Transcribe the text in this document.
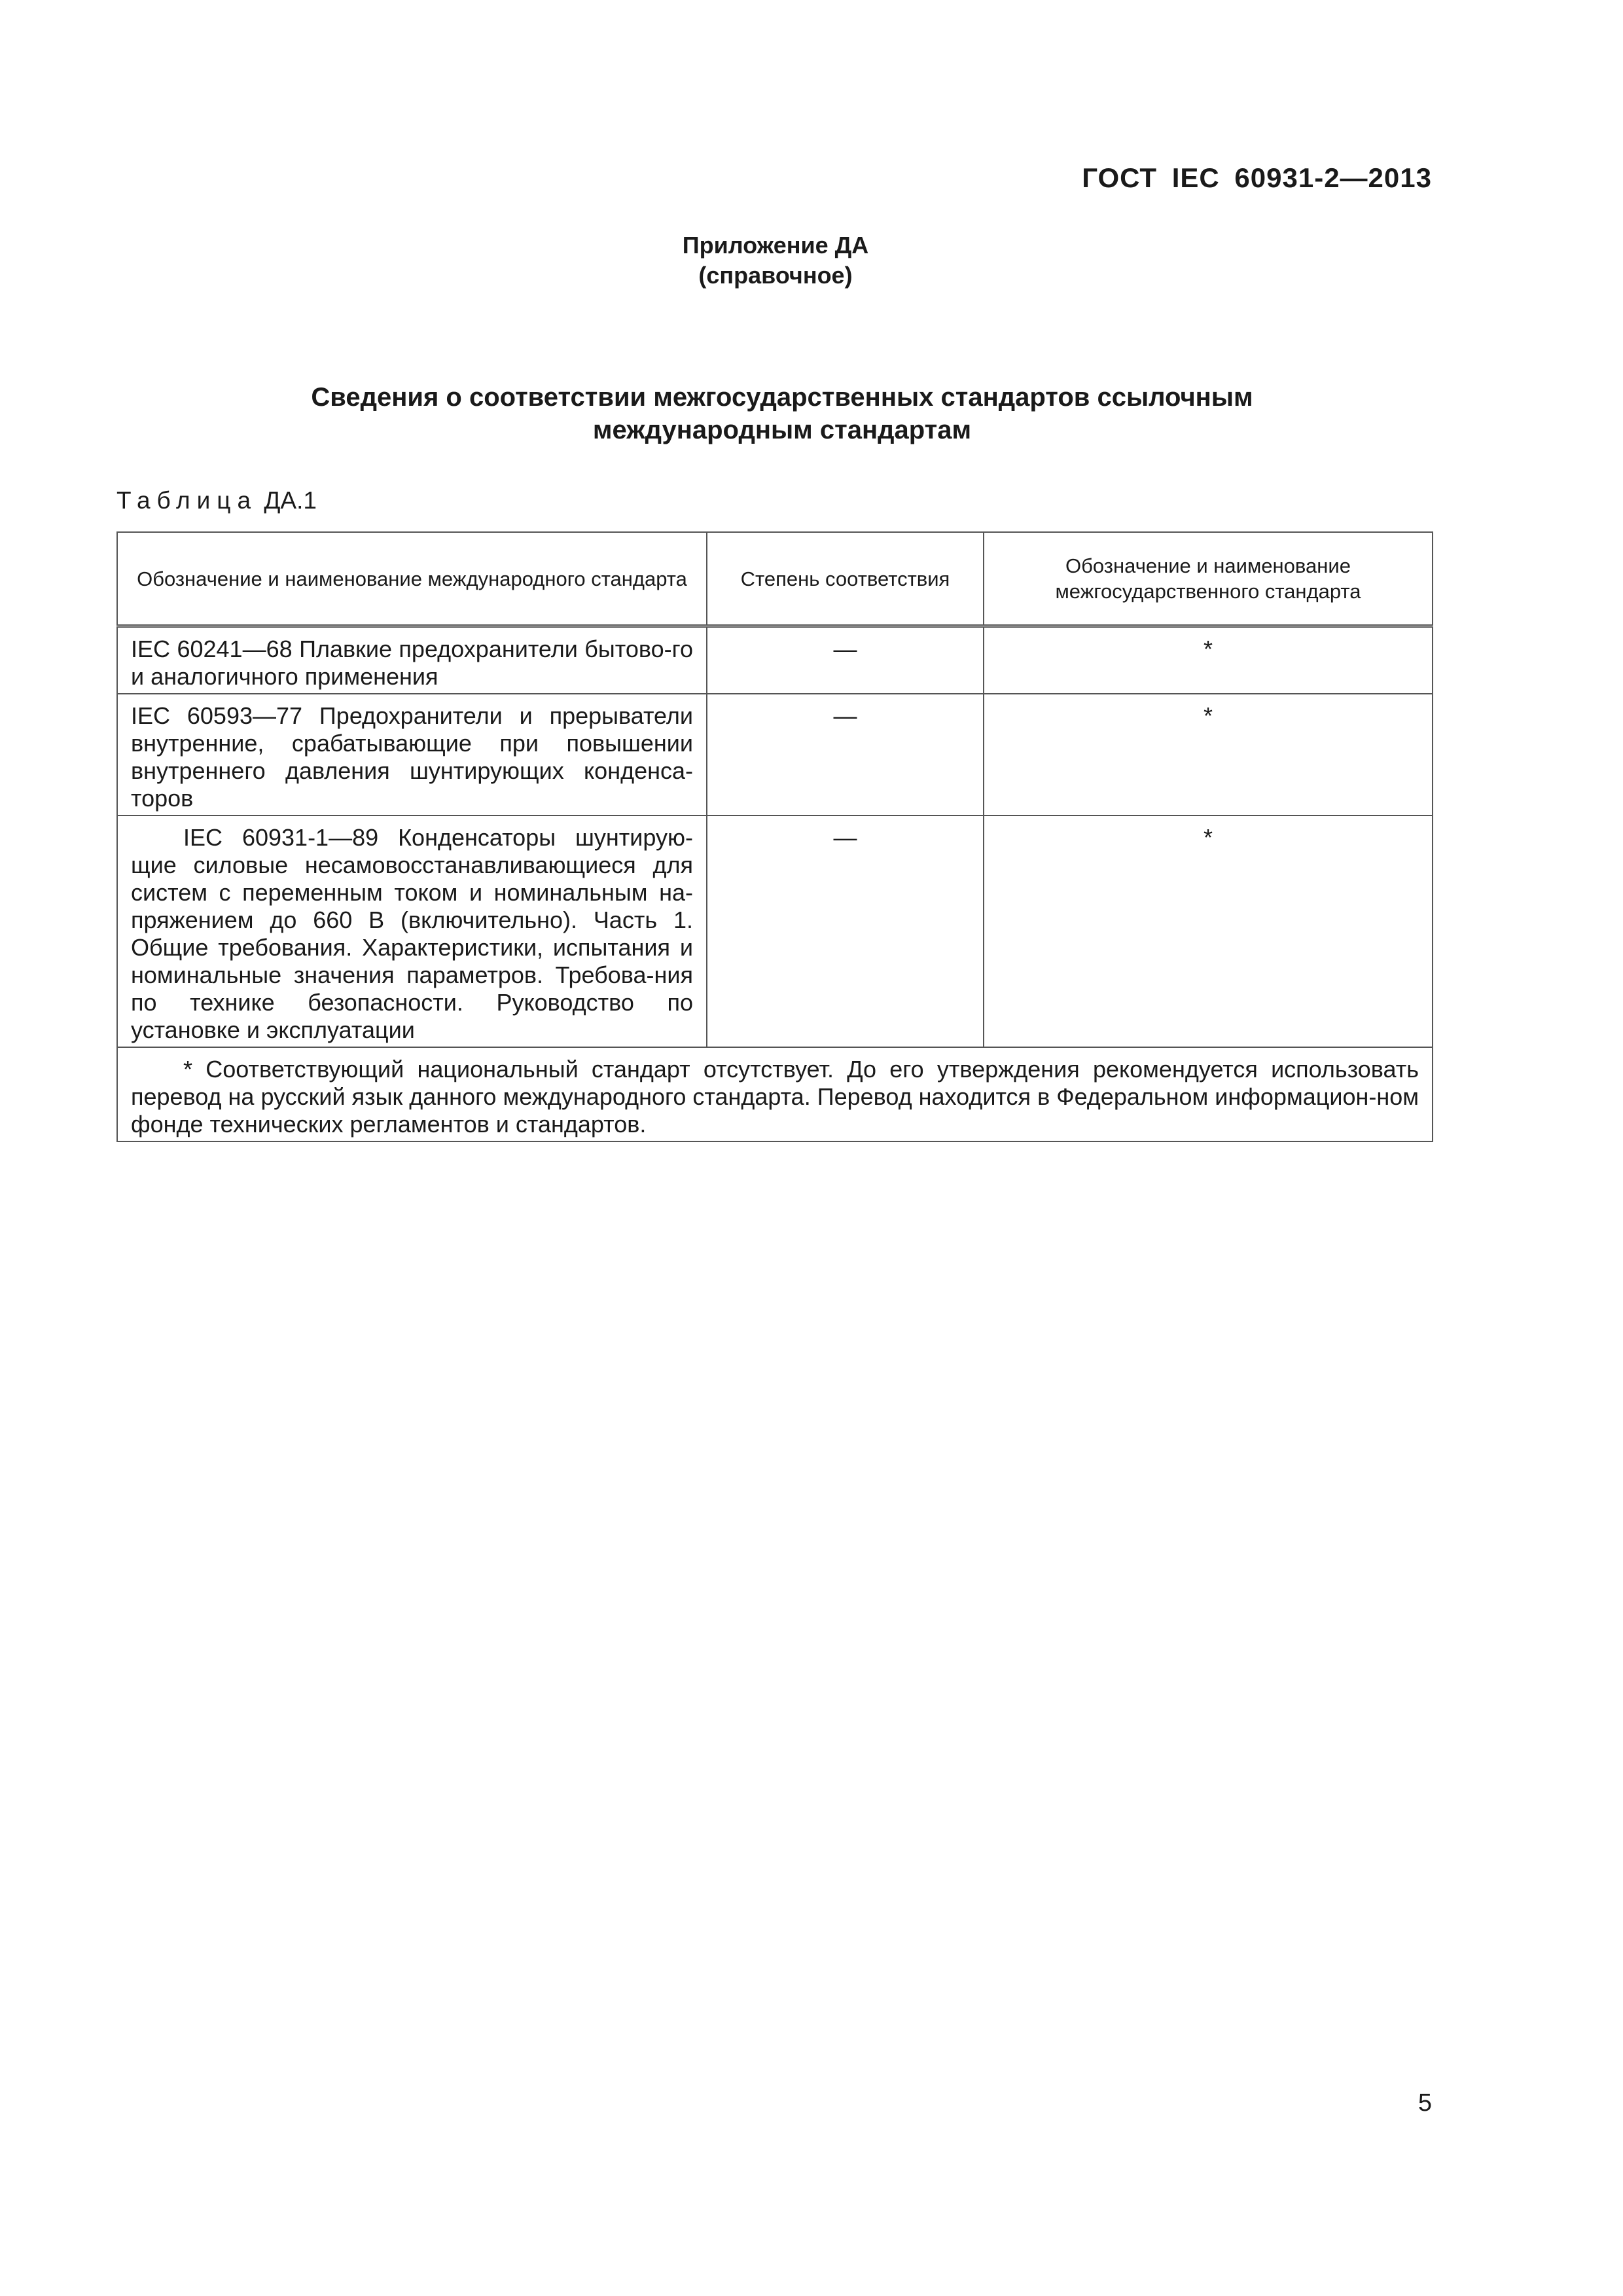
ГОСТ IEC 60931-2—2013
Приложение ДА
(справочное)
Сведения о соответствии межгосударственных стандартов ссылочным
международным стандартам
Таблица ДА.1
Обозначение и наименование международного стандарта	Степень соответствия	Обозначение и наименование межгосударственного стандарта
IEC 60241—68 Плавкие предохранители бытово-го и аналогичного применения	—	*
IEC 60593—77 Предохранители и прерыватели внутренние, срабатывающие при повышении внутреннего давления шунтирующих конденса-торов	—	*
IEC 60931-1—89 Конденсаторы шунтирую-щие силовые несамовосстанавливающиеся для систем с переменным током и номинальным на-пряжением до 660 В (включительно). Часть 1. Общие требования. Характеристики, испытания и номинальные значения параметров. Требова-ния по технике безопасности. Руководство по установке и эксплуатации	—	*
* Соответствующий национальный стандарт отсутствует. До его утверждения рекомендуется использовать перевод на русский язык данного международного стандарта. Перевод находится в Федеральном информацион-ном фонде технических регламентов и стандартов.		
5
